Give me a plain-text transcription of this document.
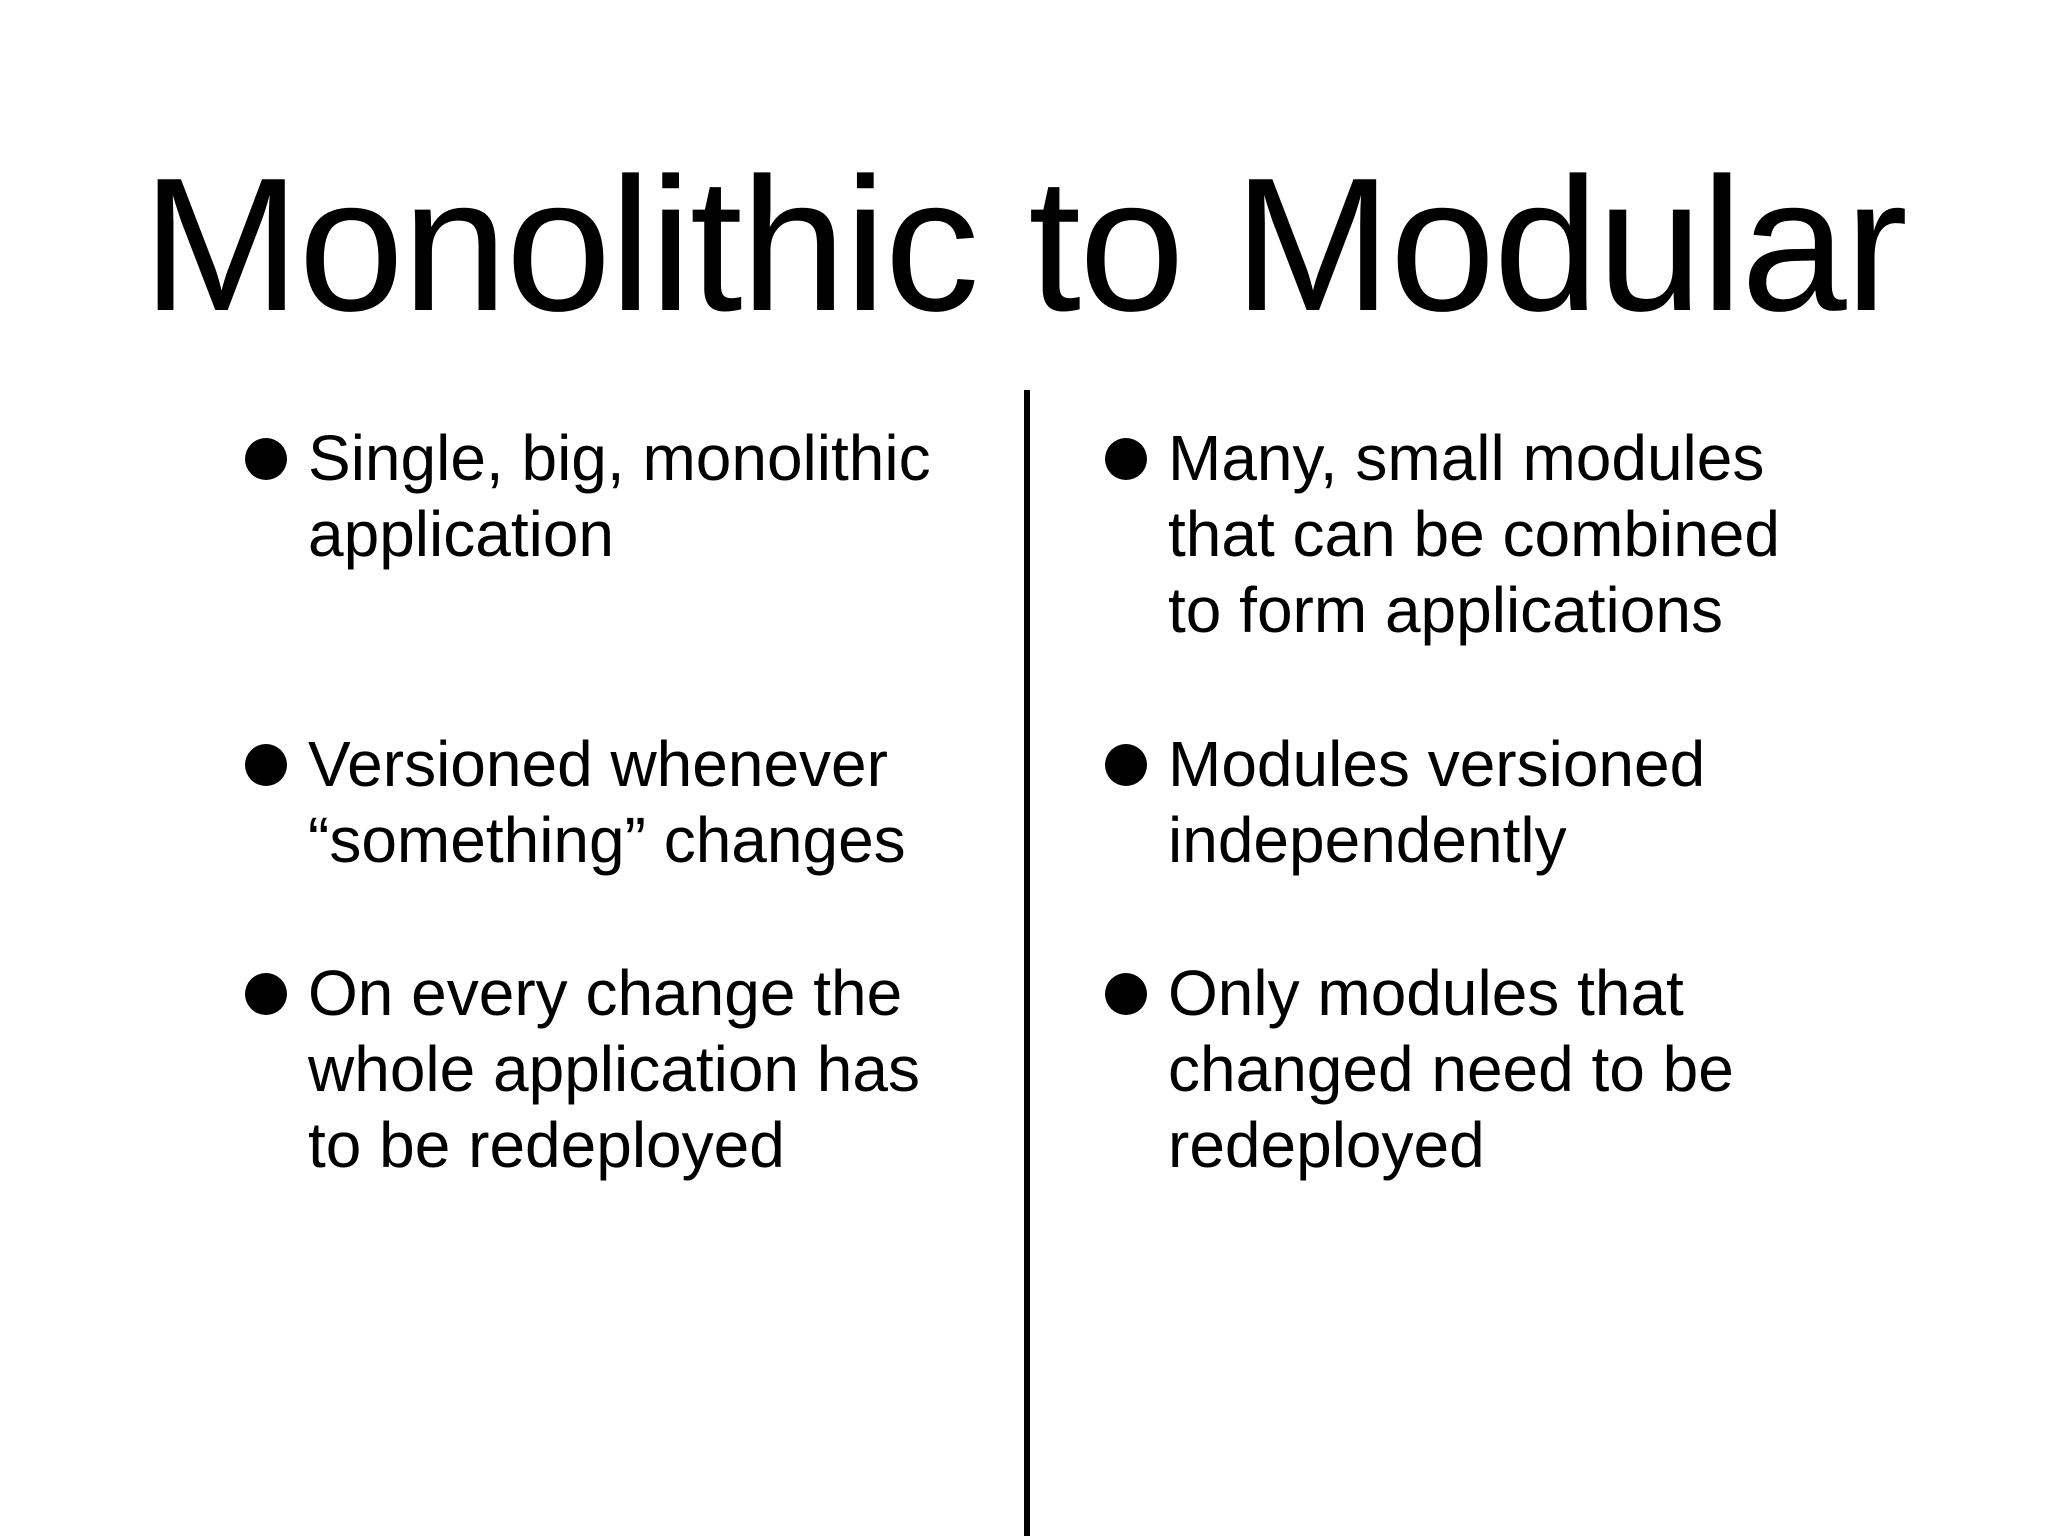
Monolithic to Modular
Single, big, monolithic
application
Versioned whenever
“something” changes
On every change the
whole application has
to be redeployed
Many, small modules
that can be combined
to form applications
Modules versioned
independently
Only modules that
changed need to be
redeployed
